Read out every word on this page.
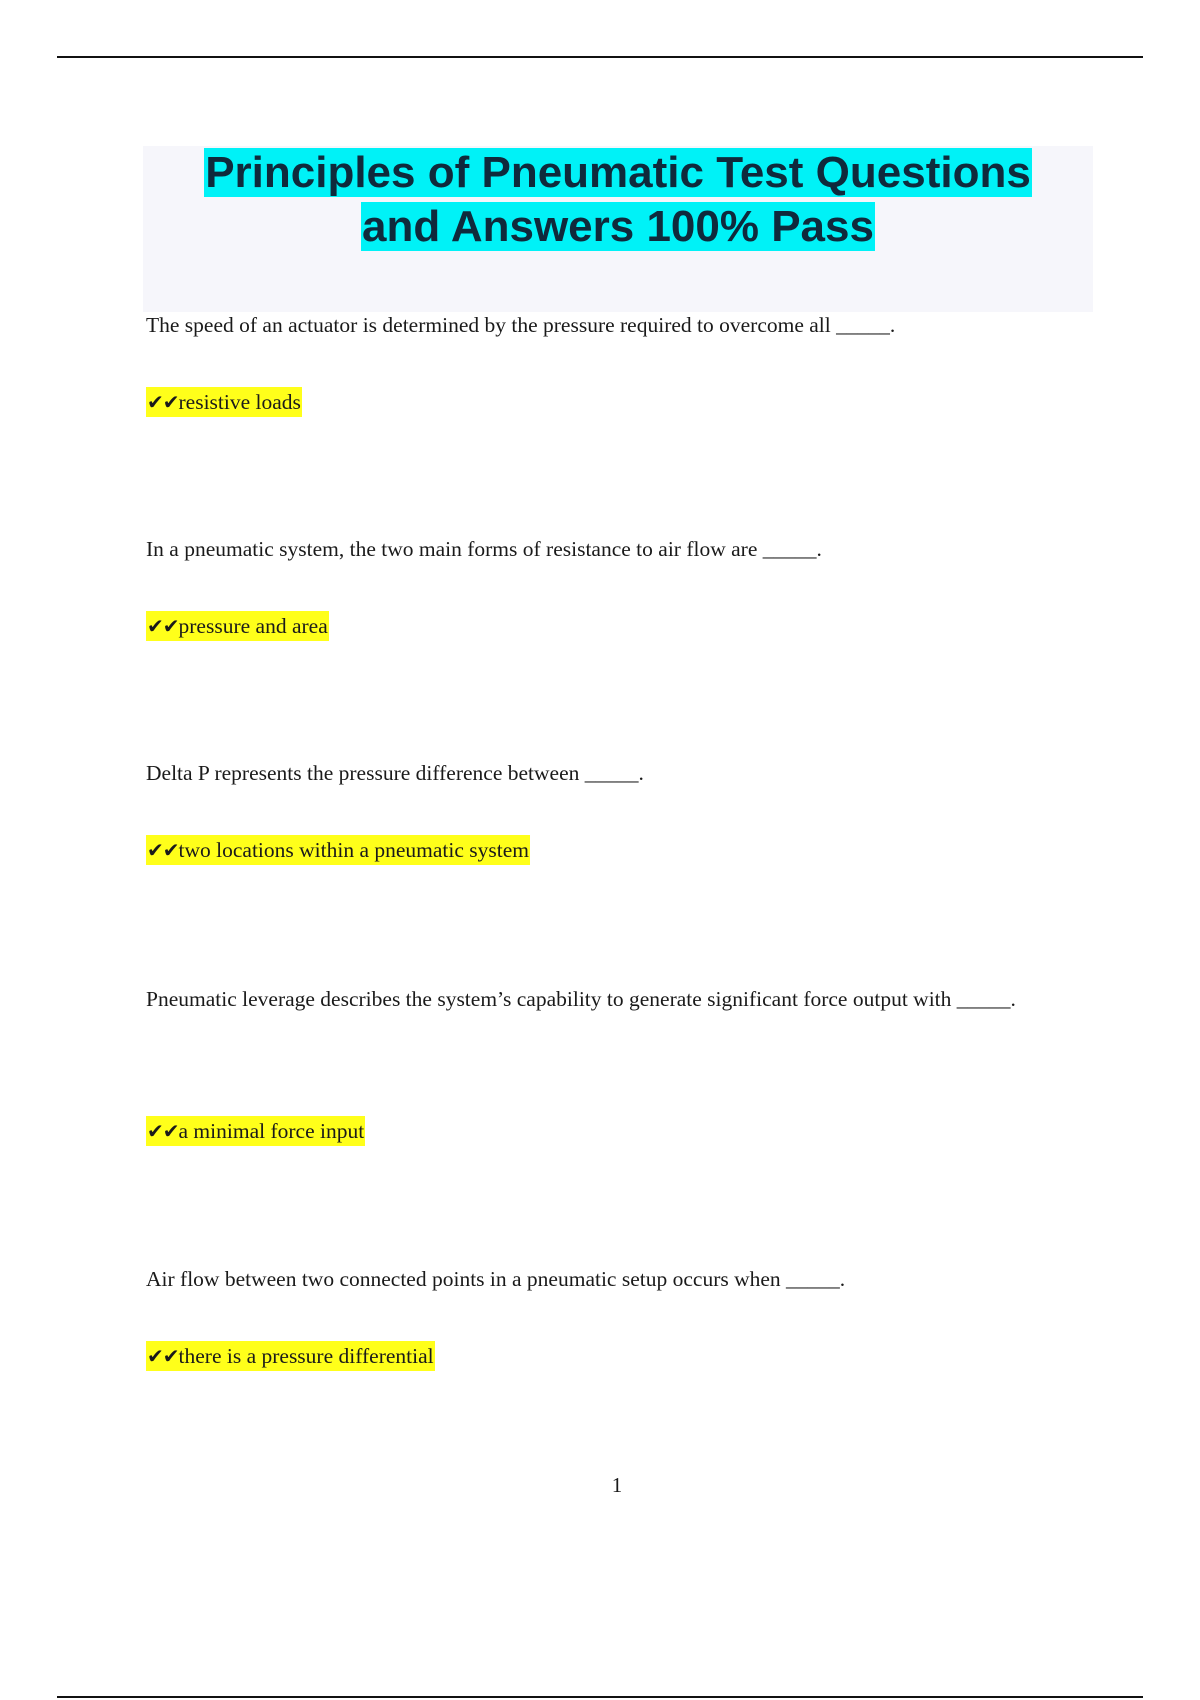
Principles of Pneumatic Test Questions
and Answers 100% Pass

The speed of an actuator is determined by the pressure required to overcome all _____.

✔✔resistive loads

In a pneumatic system, the two main forms of resistance to air flow are _____.

✔✔pressure and area

Delta P represents the pressure difference between _____.

✔✔two locations within a pneumatic system

Pneumatic leverage describes the system’s capability to generate significant force output with _____.

✔✔a minimal force input

Air flow between two connected points in a pneumatic setup occurs when _____.

✔✔there is a pressure differential

1
